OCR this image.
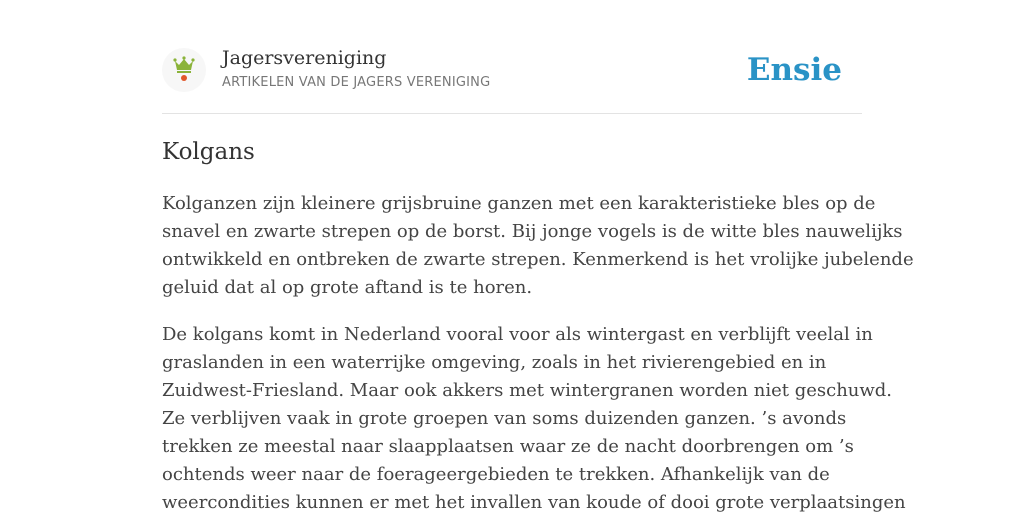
Jagersvereniging
ARTIKELEN VAN DE JAGERS VERENIGING	Ensie
Kolgans

Kolganzen zijn kleinere grijsbruine ganzen met een karakteristieke bles op de
snavel en zwarte strepen op de borst. Bij jonge vogels is de witte bles nauwelijks
ontwikkeld en ontbreken de zwarte strepen. Kenmerkend is het vrolijke jubelende
geluid dat al op grote aftand is te horen.

De kolgans komt in Nederland vooral voor als wintergast en verblijft veelal in
graslanden in een waterrijke omgeving, zoals in het rivierengebied en in
Zuidwest-Friesland. Maar ook akkers met wintergranen worden niet geschuwd.
Ze verblijven vaak in grote groepen van soms duizenden ganzen. ’s avonds
trekken ze meestal naar slaapplaatsen waar ze de nacht doorbrengen om ’s
ochtends weer naar de foerageergebieden te trekken. Afhankelijk van de
weercondities kunnen er met het invallen van koude of dooi grote verplaatsingen
